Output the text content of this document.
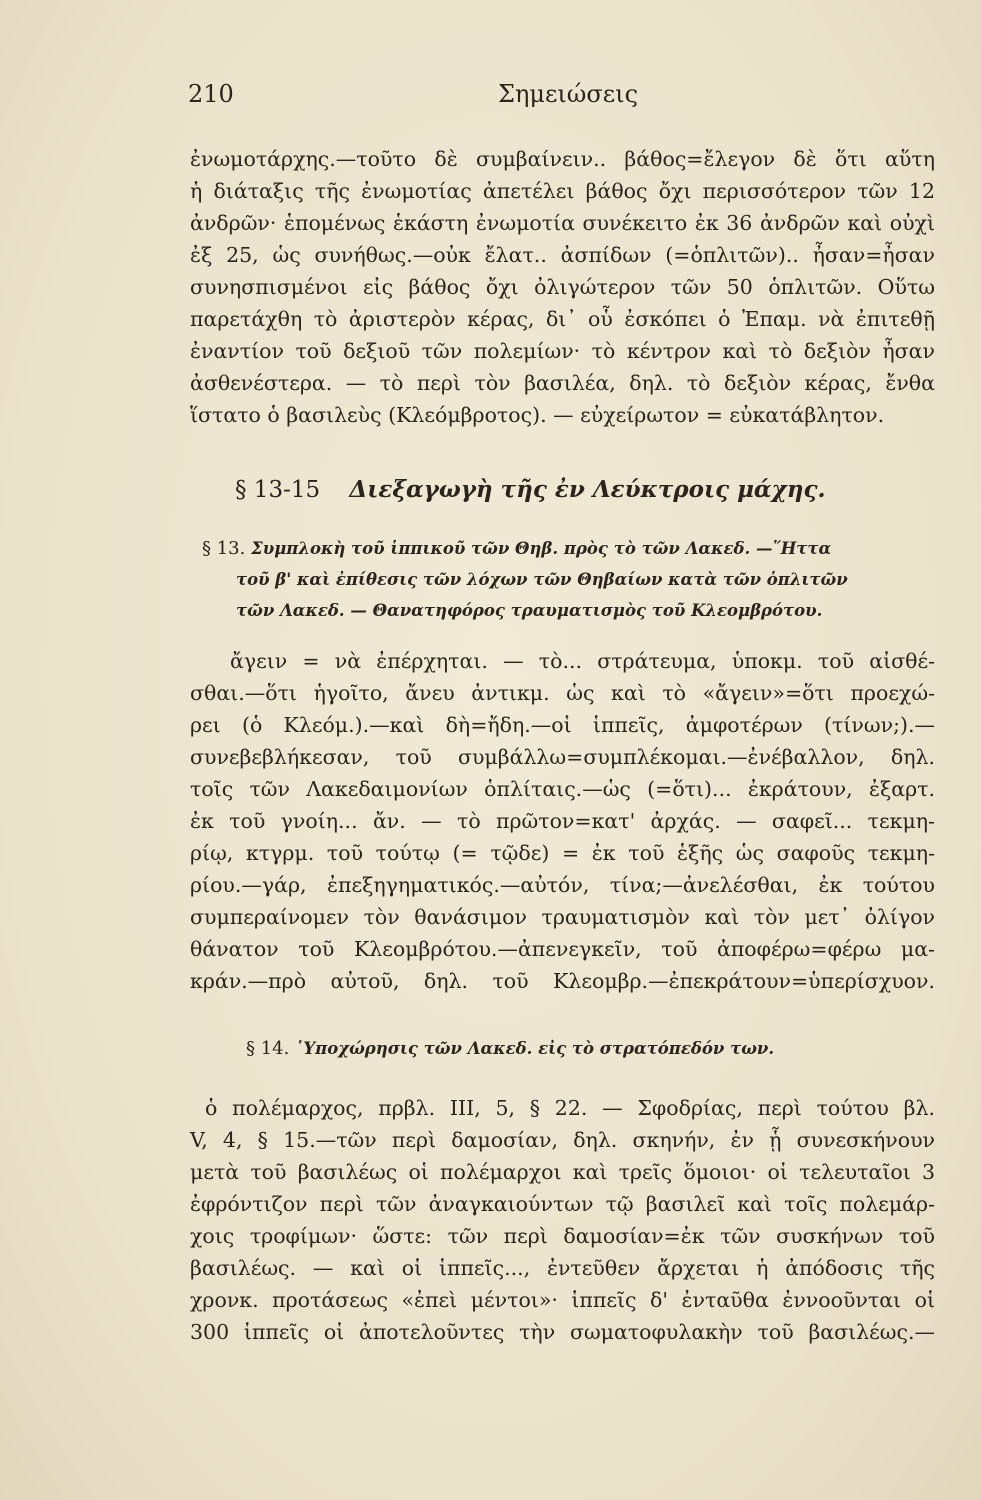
210	Σημειώσεις
ἐνωμοτάρχης.—τοῦτο δὲ συμβαίνειν.. βάθος=ἔλεγον δὲ ὅτι αὕτη
ἡ διάταξις τῆς ἐνωμοτίας ἀπετέλει βάθος ὄχι περισσότερον τῶν 12
ἀνδρῶν· ἑπομένως ἑκάστη ἐνωμοτία συνέκειτο ἐκ 36 ἀνδρῶν καὶ οὐχὶ
ἐξ 25, ὡς συνήθως.—οὐκ ἔλατ.. ἀσπίδων (=ὁπλιτῶν).. ἦσαν=ἦσαν
συνησπισμένοι εἰς βάθος ὄχι ὀλιγώτερον τῶν 50 ὁπλιτῶν. Οὕτω
παρετάχθη τὸ ἀριστερὸν κέρας, δι᾿ οὗ ἐσκόπει ὁ Ἐπαμ. νὰ ἐπιτεθῇ
ἐναντίον τοῦ δεξιοῦ τῶν πολεμίων· τὸ κέντρον καὶ τὸ δεξιὸν ἦσαν
ἀσθενέστερα. — τὸ περὶ τὸν βασιλέα, δηλ. τὸ δεξιὸν κέρας, ἔνθα
ἵστατο ὁ βασιλεὺς (Κλεόμβροτος). — εὐχείρωτον = εὐκατάβλητον.
§ 13-15 Διεξαγωγὴ τῆς ἐν Λεύκτροις μάχης.
§ 13. Συμπλοκὴ τοῦ ἱππικοῦ τῶν Θηβ. πρὸς τὸ τῶν Λακεδ. —῞Ηττα
τοῦ β' καὶ ἐπίθεσις τῶν λόχων τῶν Θηβαίων κατὰ τῶν ὁπλιτῶν
τῶν Λακεδ. — Θανατηφόρος τραυματισμὸς τοῦ Κλεομβρότου.
ἄγειν = νὰ ἐπέρχηται. — τὸ... στράτευμα, ὑποκμ. τοῦ αἰσθέ-
σθαι.—ὅτι ἡγοῖτο, ἄνευ ἀντικμ. ὡς καὶ τὸ «ἄγειν»=ὅτι προεχώ-
ρει (ὁ Κλεόμ.).—καὶ δὴ=ἤδη.—οἱ ἱππεῖς, ἀμφοτέρων (τίνων;).—
συνεβεβλήκεσαν, τοῦ συμβάλλω=συμπλέκομαι.—ἐνέβαλλον, δηλ.
τοῖς τῶν Λακεδαιμονίων ὁπλίταις.—ὡς (=ὅτι)... ἐκράτουν, ἐξαρτ.
ἐκ τοῦ γνοίη... ἄν. — τὸ πρῶτον=κατ' ἀρχάς. — σαφεῖ... τεκμη-
ρίῳ, κτγρμ. τοῦ τούτῳ (= τῷδε) = ἐκ τοῦ ἑξῆς ὡς σαφοῦς τεκμη-
ρίου.—γάρ, ἐπεξηγηματικός.—αὐτόν, τίνα;—ἀνελέσθαι, ἐκ τούτου
συμπεραίνομεν τὸν θανάσιμον τραυματισμὸν καὶ τὸν μετ᾿ ὀλίγον
θάνατον τοῦ Κλεομβρότου.—ἀπενεγκεῖν, τοῦ ἀποφέρω=φέρω μα-
κράν.—πρὸ αὐτοῦ, δηλ. τοῦ Κλεομβρ.—ἐπεκράτουν=ὑπερίσχυον.
§ 14. ῾Υποχώρησις τῶν Λακεδ. εἰς τὸ στρατόπεδόν των.
ὁ πολέμαρχος, πρβλ. III, 5, § 22. — Σφοδρίας, περὶ τούτου βλ.
V, 4, § 15.—τῶν περὶ δαμοσίαν, δηλ. σκηνήν, ἐν ᾗ συνεσκήνουν
μετὰ τοῦ βασιλέως οἱ πολέμαρχοι καὶ τρεῖς ὅμοιοι· οἱ τελευταῖοι 3
ἐφρόντιζον περὶ τῶν ἀναγκαιούντων τῷ βασιλεῖ καὶ τοῖς πολεμάρ-
χοις τροφίμων· ὥστε: τῶν περὶ δαμοσίαν=ἐκ τῶν συσκήνων τοῦ
βασιλέως. — καὶ οἱ ἱππεῖς..., ἐντεῦθεν ἄρχεται ἡ ἀπόδοσις τῆς
χρονκ. προτάσεως «ἐπεὶ μέντοι»· ἱππεῖς δ' ἐνταῦθα ἐννοοῦνται οἱ
300 ἱππεῖς οἱ ἀποτελοῦντες τὴν σωματοφυλακὴν τοῦ βασιλέως.—
